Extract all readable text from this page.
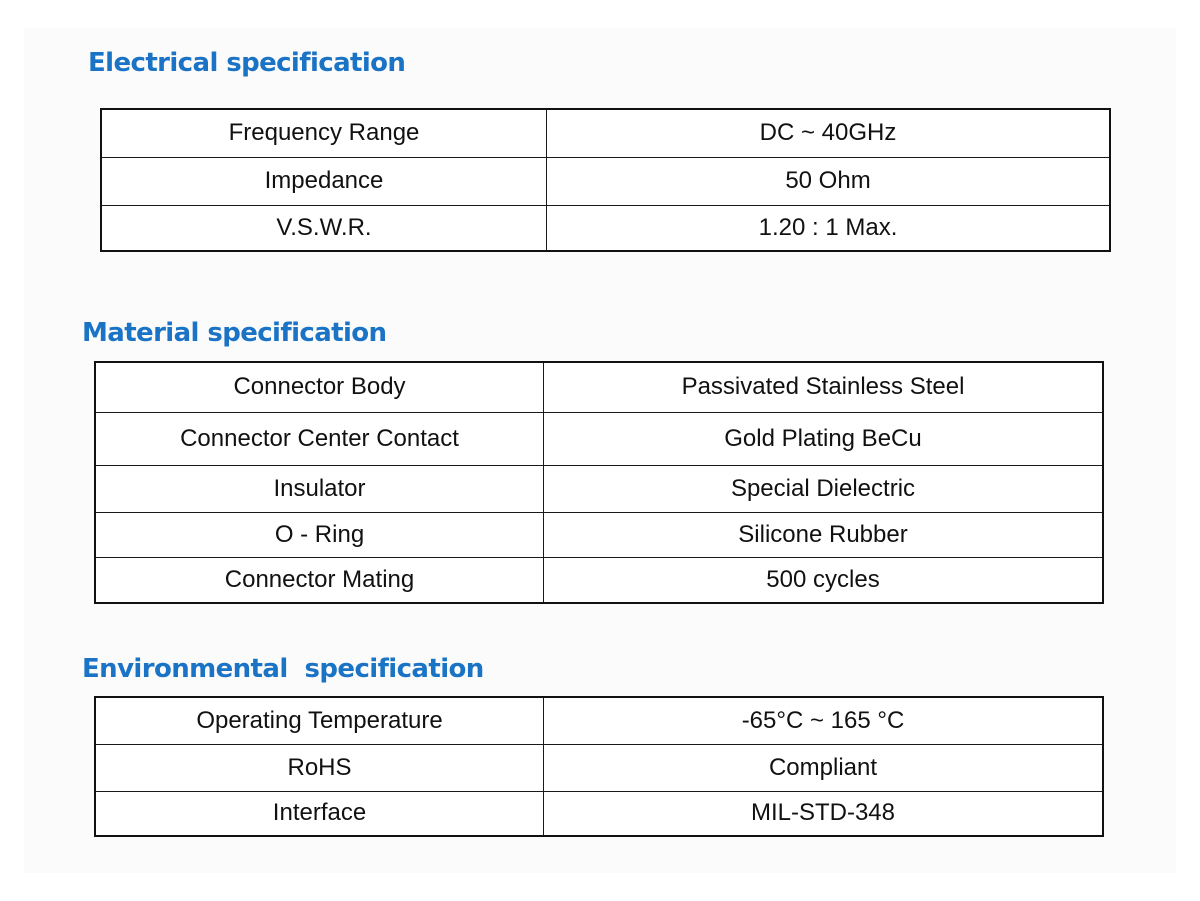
Electrical specification
Frequency Range	DC ~ 40GHz
Impedance	50 Ohm
V.S.W.R.	1.20 : 1 Max.
Material specification
Connector Body	Passivated Stainless Steel
Connector Center Contact	Gold Plating BeCu
Insulator	Special Dielectric
O - Ring	Silicone Rubber
Connector Mating	500 cycles
Environmental  specification
Operating Temperature	-65°C ~ 165 °C
RoHS	Compliant
Interface	MIL-STD-348
